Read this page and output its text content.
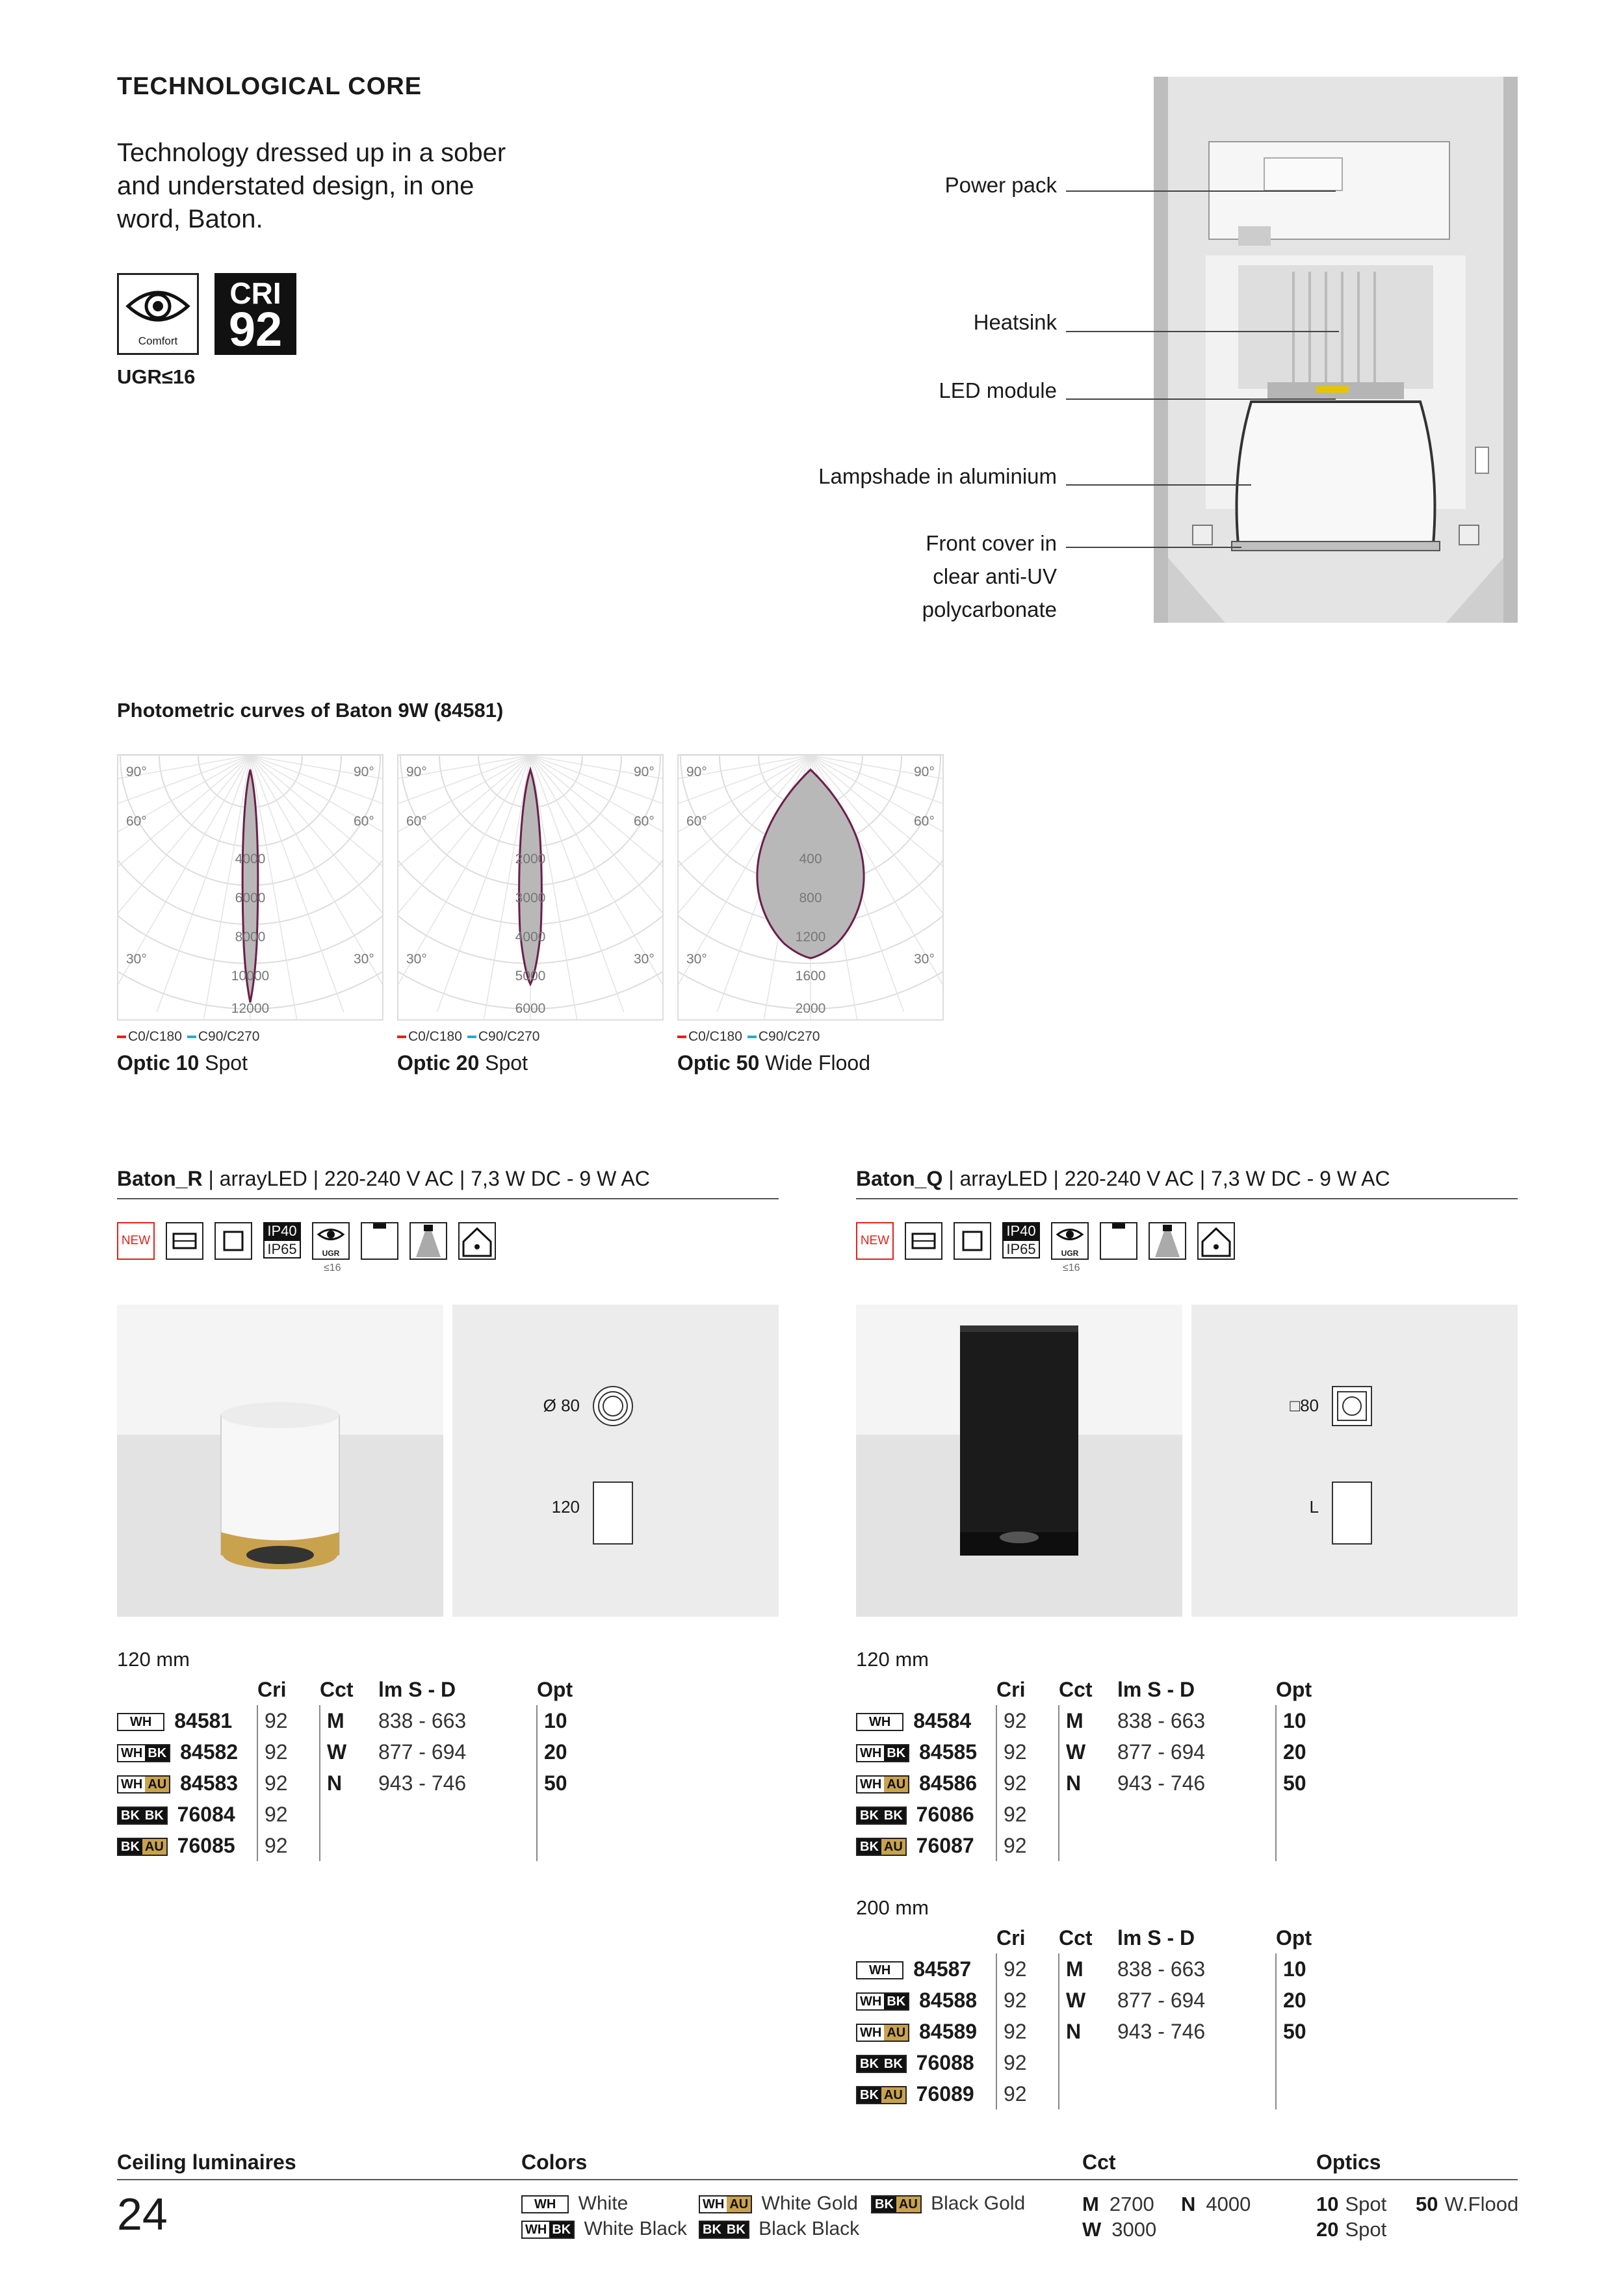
TECHNOLOGICAL CORE
Technology dressed up in a sober
and understated design, in one
word, Baton.
Comfort
CRI
92
UGR≤16
Power pack
Heatsink
LED module
Lampshade in aluminium
Front cover in
clear anti-UV
polycarbonate
Photometric curves of Baton 9W (84581)
90°	90°
60°	60°
30°	30°
4000
6000
8000
10000
12000
C0/C180 C90/C270
Optic 10 Spot
90°	90°
60°	60°
30°	30°
2000
3000
4000
5000
6000
C0/C180 C90/C270
Optic 20 Spot
90°	90°
60°	60°
30°	30°
400
800
1200
1600
2000
C0/C180 C90/C270
Optic 50 Wide Flood
Baton_R | arrayLED | 220-240 V AC | 7,3 W DC - 9 W AC
NEW
IP40
IP65	UGR
≤16
Ø 80
120
120 mm
	Cri	Cct	lm S - D	Opt

WH 84581	92	M	838 - 663	10

WH BK 84582	92	W	877 - 694	20

WH AU 84583	92	N	943 - 746	50

BK BK 76084	92			

BK AU 76085	92			
Baton_Q | arrayLED | 220-240 V AC | 7,3 W DC - 9 W AC
NEW
IP40
IP65	UGR
≤16
□80
L
120 mm
	Cri	Cct	lm S - D	Opt

WH 84584	92	M	838 - 663	10

WH BK 84585	92	W	877 - 694	20

WH AU 84586	92	N	943 - 746	50

BK BK 76086	92			

BK AU 76087	92			
200 mm
	Cri	Cct	lm S - D	Opt

WH 84587	92	M	838 - 663	10

WH BK 84588	92	W	877 - 694	20

WH AU 84589	92	N	943 - 746	50

BK BK 76088	92			

BK AU 76089	92			
Ceiling luminaires
24
Colors
WH White	WH AU White Gold BK AU Black Gold
WH BK White Black BK BK Black Black
Cct
M 2700 N 4000
W 3000
Optics
10 Spot 50 W.Flood
20 Spot
